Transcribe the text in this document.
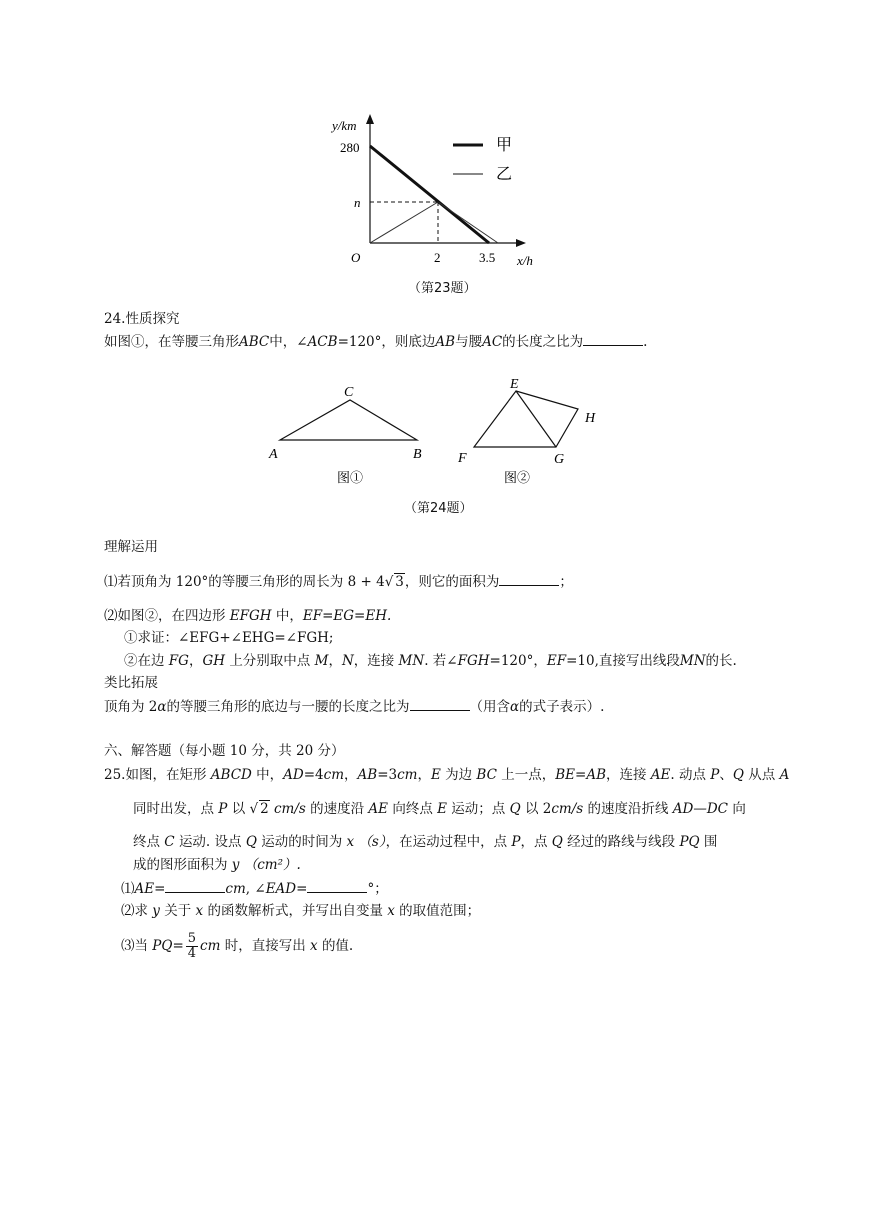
甲
乙
y/km
280
n
O	2	3.5 x/h
（第23题）
24.性质探究
如图①，在等腰三角形ABC中，∠ACB=120°，则底边AB与腰AC的长度之比为	.
C
A	B
图①
E
H
F	G
图②
（第24题）
理解运用
⑴若顶角为 120°的等腰三角形的周长为 8 + 4√ 3，则它的面积为	；
⑵如图②，在四边形 EFGH 中，EF=EG=EH.
①求证：∠EFG+∠EHG=∠FGH;
②在边 FG，GH 上分别取中点 M，N，连接 MN. 若∠FGH=120°，EF=10,直接写出线段MN的长.
类比拓展
顶角为 2α的等腰三角形的底边与一腰的长度之比为	（用含α的式子表示）.
六、解答题（每小题 10 分，共 20 分）
25.如图，在矩形 ABCD 中，AD=4cm，AB=3cm，E 为边 BC 上一点，BE=AB，连接 AE. 动点 P、Q 从点 A
同时出发，点 P 以 √ 2 cm/s 的速度沿 AE 向终点 E 运动；点 Q 以 2cm/s 的速度沿折线 AD—DC 向
终点 C 运动. 设点 Q 运动的时间为 x （s），在运动过程中，点 P，点 Q 经过的路线与线段 PQ 围
成的图形面积为 y （cm²）.
⑴AE=	cm, ∠EAD=	°；
⑵求 y 关于 x 的函数解析式，并写出自变量 x 的取值范围；
⑶当 $PQ= \frac{5}{4}$ cm 时，直接写出 x 的值.
